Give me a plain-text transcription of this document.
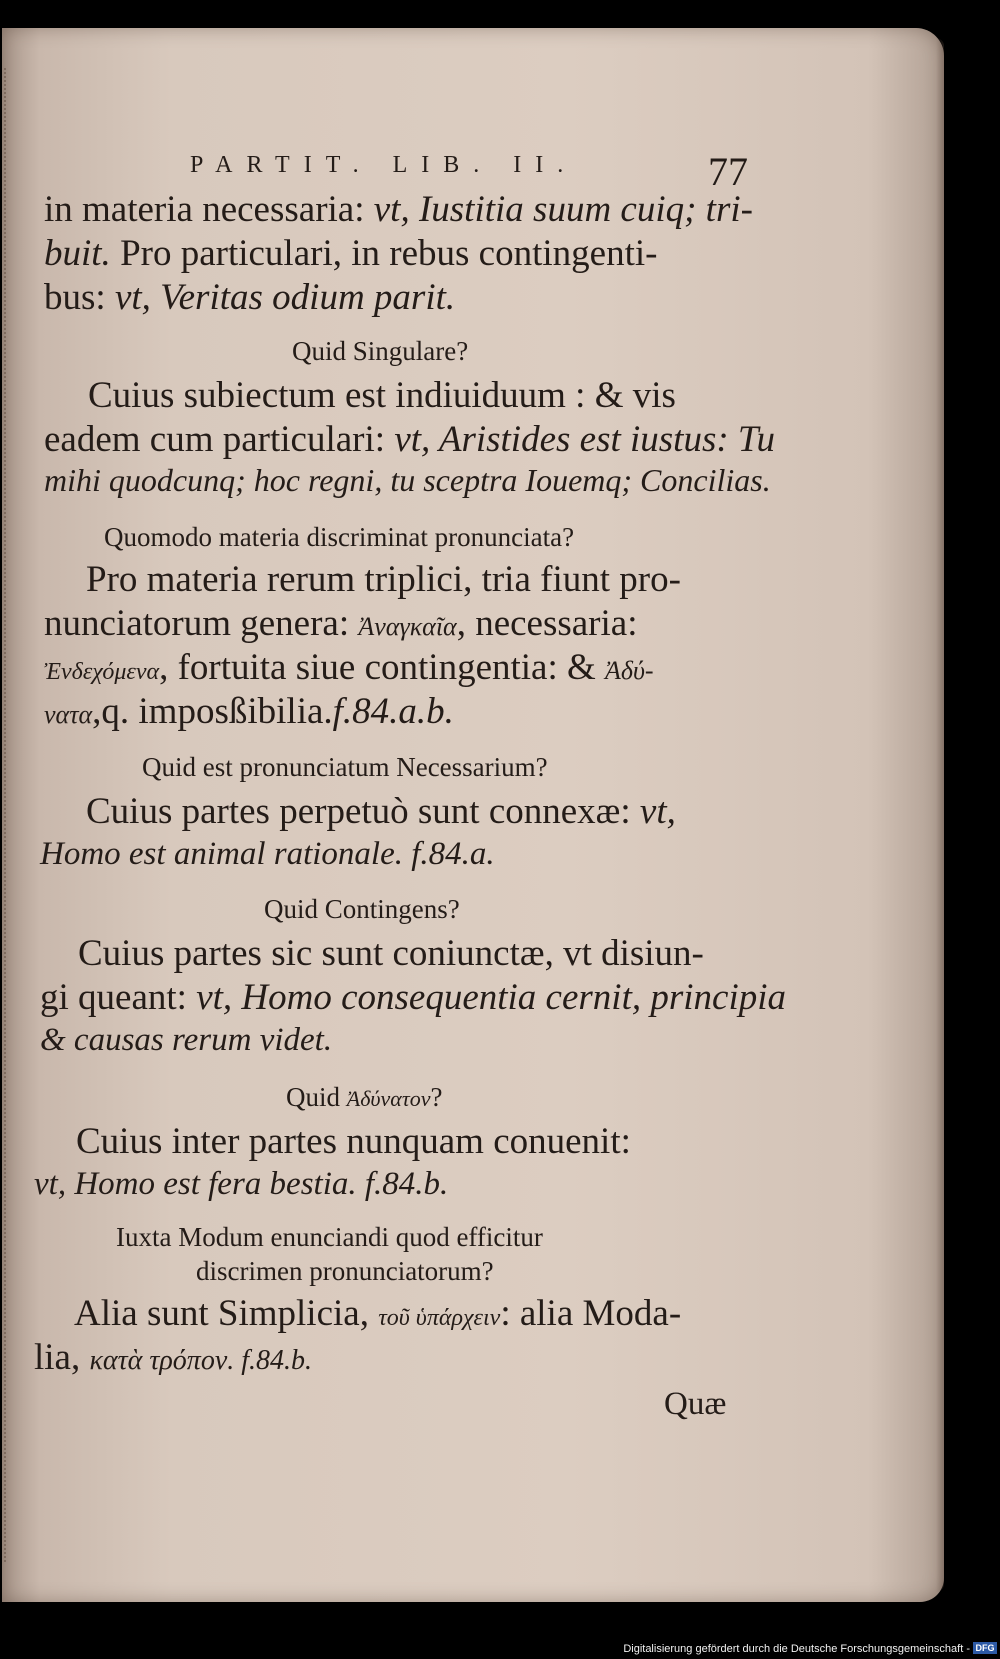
PARTIT. LIB. II.	77
in materia necessaria: vt, Iustitia suum cuiq; tri-
buit. Pro particulari, in rebus contingenti-
bus: vt, Veritas odium parit.
Quid Singulare?
Cuius subiectum est indiuiduum : & vis
eadem cum particulari: vt, Aristides est iustus: Tu
mihi quodcunq; hoc regni, tu sceptra Iouemq; Concilias.
Quomodo materia discriminat pronunciata?
Pro materia rerum triplici, tria fiunt pro-
nunciatorum genera: Ἀναγκαῖα, necessaria:
Ἐνδεχόμενα, fortuita siue contingentia: & Ἀδύ-
νατα,q. imposßibilia.f.84.a.b.
Quid est pronunciatum Necessarium?
Cuius partes perpetuò sunt connexæ: vt,
Homo est animal rationale. f.84.a.
Quid Contingens?
Cuius partes sic sunt coniunctæ, vt disiun-
gi queant: vt, Homo consequentia cernit, principia
& causas rerum videt.
Quid Ἀδύνατον?
Cuius inter partes nunquam conuenit:
vt, Homo est fera bestia. f.84.b.
Iuxta Modum enunciandi quod efficitur
discrimen pronunciatorum?
Alia sunt Simplicia, τοῦ ὑπάρχειν: alia Moda-
lia, κατὰ τρόπον. f.84.b.
Quæ
Digitalisierung gefördert durch die Deutsche Forschungsgemeinschaft - DFG
